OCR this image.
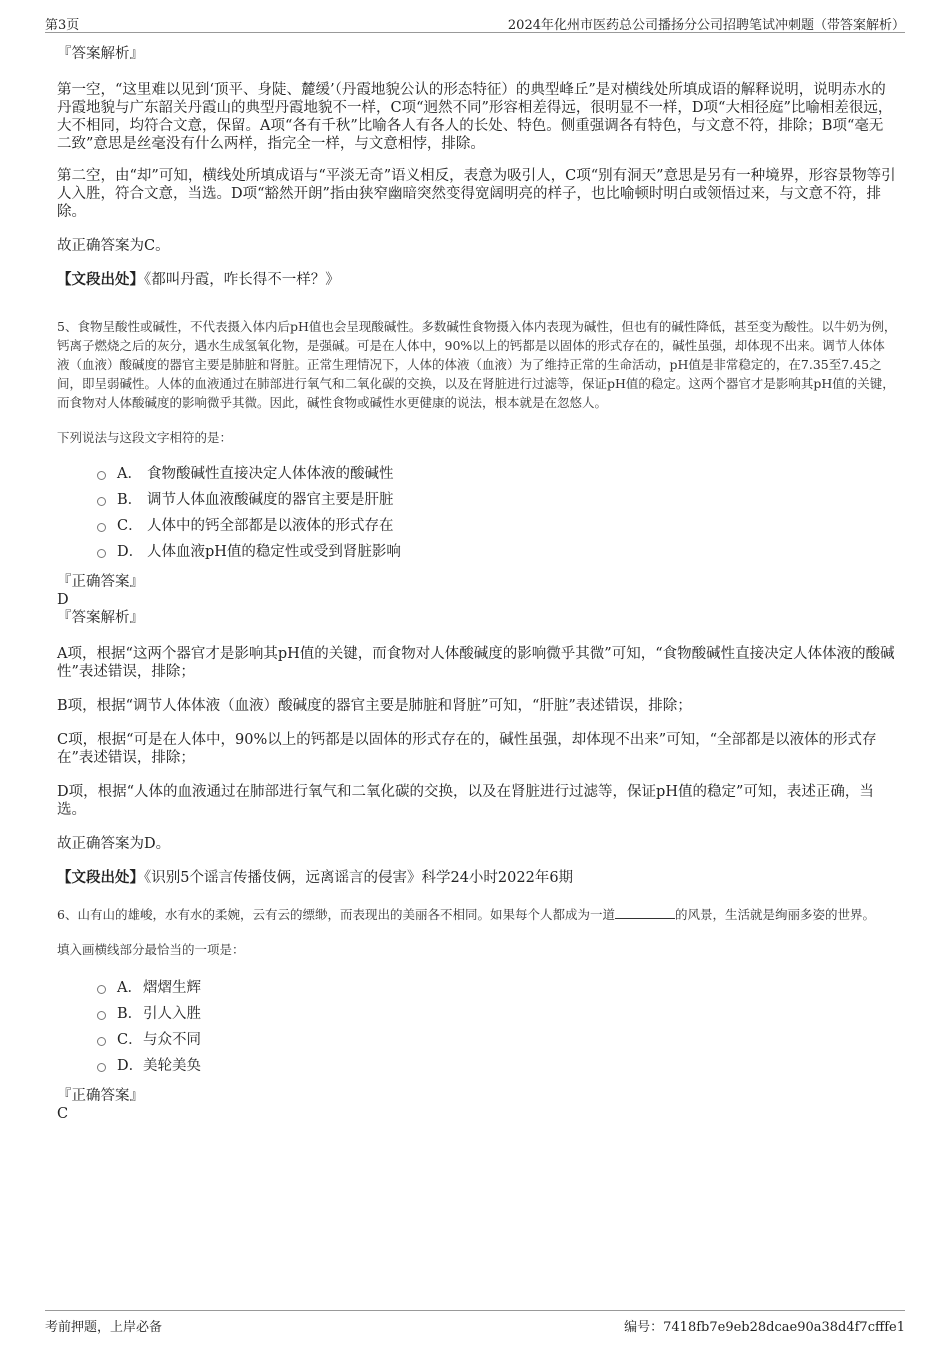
第3页	2024年化州市医药总公司播扬分公司招聘笔试冲刺题（带答案解析）

『答案解析』

第一空，“这里难以见到‘顶平、身陡、麓缓’（丹霞地貌公认的形态特征）的典型峰丘”是对横线处所填成语的解释说明，说明赤水的丹霞地貌与广东韶关丹霞山的典型丹霞地貌不一样，C项“迥然不同”形容相差得远，很明显不一样，D项“大相径庭”比喻相差很远，大不相同，均符合文意，保留。A项“各有千秋”比喻各人有各人的长处、特色。侧重强调各有特色，与文意不符，排除；B项“毫无二致”意思是丝毫没有什么两样，指完全一样，与文意相悖，排除。

第二空，由“却”可知，横线处所填成语与“平淡无奇”语义相反，表意为吸引人，C项“别有洞天”意思是另有一种境界，形容景物等引人入胜，符合文意，当选。D项“豁然开朗”指由狭窄幽暗突然变得宽阔明亮的样子，也比喻顿时明白或领悟过来，与文意不符，排除。

故正确答案为C。

【文段出处】《都叫丹霞，咋长得不一样？》

5、食物呈酸性或碱性，不代表摄入体内后pH值也会呈现酸碱性。多数碱性食物摄入体内表现为碱性，但也有的碱性降低，甚至变为酸性。以牛奶为例，钙离子燃烧之后的灰分，遇水生成氢氧化物，是强碱。可是在人体中，90%以上的钙都是以固体的形式存在的，碱性虽强，却体现不出来。调节人体体液（血液）酸碱度的器官主要是肺脏和肾脏。正常生理情况下，人体的体液（血液）为了维持正常的生命活动，pH值是非常稳定的，在7.35至7.45之间，即呈弱碱性。人体的血液通过在肺部进行氧气和二氧化碳的交换，以及在肾脏进行过滤等，保证pH值的稳定。这两个器官才是影响其pH值的关键，而食物对人体酸碱度的影响微乎其微。因此，碱性食物或碱性水更健康的说法，根本就是在忽悠人。

下列说法与这段文字相符的是：

A． 食物酸碱性直接决定人体体液的酸碱性
B． 调节人体血液酸碱度的器官主要是肝脏
C． 人体中的钙全部都是以液体的形式存在
D． 人体血液pH值的稳定性或受到肾脏影响

『正确答案』

D

『答案解析』

A项，根据“这两个器官才是影响其pH值的关键，而食物对人体酸碱度的影响微乎其微”可知，“食物酸碱性直接决定人体体液的酸碱性”表述错误，排除；

B项，根据“调节人体体液（血液）酸碱度的器官主要是肺脏和肾脏”可知，“肝脏”表述错误，排除；

C项，根据“可是在人体中，90%以上的钙都是以固体的形式存在的，碱性虽强，却体现不出来”可知，“全部都是以液体的形式存在”表述错误，排除；

D项，根据“人体的血液通过在肺部进行氧气和二氧化碳的交换，以及在肾脏进行过滤等，保证pH值的稳定”可知，表述正确，当选。

故正确答案为D。

【文段出处】《识别5个谣言传播伎俩，远离谣言的侵害》科学24小时2022年6期

6、山有山的雄峻，水有水的柔婉，云有云的缥缈，而表现出的美丽各不相同。如果每个人都成为一道	的风景，生活就是绚丽多姿的世界。

填入画横线部分最恰当的一项是：

A．熠熠生辉
B．引人入胜
C．与众不同
D．美轮美奂

『正确答案』

C

考前押题，上岸必备	编号：7418fb7e9eb28dcae90a38d4f7cfffe1
